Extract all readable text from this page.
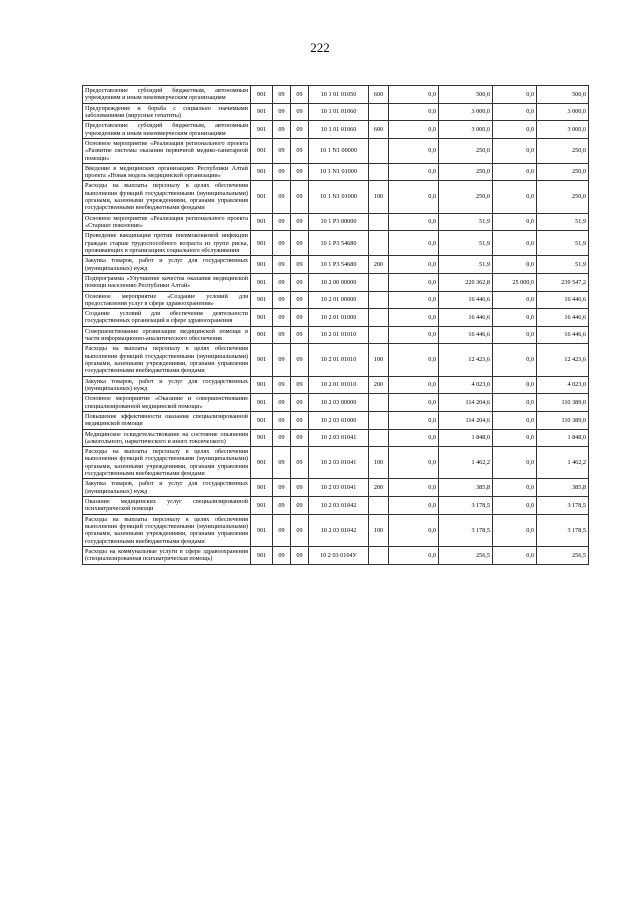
222
Предоставление субсидий бюджетным, автономным учреждениям и иным некоммерческим организациям	901	09	09	10 1 01 01050	600	0,0	500,0	0,0	500,0
Предупреждение и борьба с социально значимыми заболеваниями (вирусные гепатиты)	901	09	09	10 1 01 01060		0,0	3 000,0	0,0	3 000,0
Предоставление субсидий бюджетным, автономным учреждениям и иным некоммерческим организациям	901	09	09	10 1 01 01060	600	0,0	3 000,0	0,0	3 000,0
Основное мероприятие «Реализация регионального проекта «Развитие системы оказания первичной медико-санитарной помощи»	901	09	09	10 1 N1 00000		0,0	250,0	0,0	250,0
Введение в медицинских организациях Республики Алтай проекта «Новая модель медицинской организации»	901	09	09	10 1 N1 01000		0,0	250,0	0,0	250,0
Расходы на выплаты персоналу в целях обеспечения выполнения функций государственными (муниципальными) органами, казенными учреждениями, органами управления государственными внебюджетными фондами	901	09	09	10 1 N1 01000	100	0,0	250,0	0,0	250,0
Основное мероприятие «Реализация регионального проекта «Старшее поколение»	901	09	09	10 1 P3 00000		0,0	51,9	0,0	51,9
Проведение вакцинации против пневмококковой инфекции граждан старше трудоспособного возраста из групп риска, проживающих в организациях социального обслуживания	901	09	09	10 1 P3 54680		0,0	51,9	0,0	51,9
Закупка товаров, работ и услуг для государственных (муниципальных) нужд	901	09	09	10 1 P3 54680	200	0,0	51,9	0,0	51,9
Подпрограмма «Улучшение качества оказания медицинской помощи населению Республики Алтай»	901	09	09	10 2 00 00000		0,0	220 362,8	25 000,0	239 547,2
Основное мероприятие «Создание условий для предоставления услуг в сфере здравоохранения»	901	09	09	10 2 01 00000		0,0	16 446,6	0,0	16 446,6
Создание условий для обеспечения деятельности государственных организаций в сфере здравоохранения	901	09	09	10 2 01 01000		0,0	16 446,6	0,0	16 446,6
Совершенствование организации медицинской помощи в части информационно-аналитического обеспечения	901	09	09	10 2 01 01010		0,0	16 446,6	0,0	16 446,6
Расходы на выплаты персоналу в целях обеспечения выполнения функций государственными (муниципальными) органами, казенными учреждениями, органами управления государственными внебюджетными фондами	901	09	09	10 2 01 01010	100	0,0	12 423,6	0,0	12 423,6
Закупка товаров, работ и услуг для государственных (муниципальных) нужд	901	09	09	10 2 01 01010	200	0,0	4 023,0	0,0	4 023,0
Основное мероприятие «Оказание и совершенствование специализированной медицинской помощи»	901	09	09	10 2 03 00000		0,0	114 204,6	0,0	110 389,0
Повышение эффективности оказания специализированной медицинской помощи	901	09	09	10 2 03 01000		0,0	114 204,6	0,0	110 389,0
Медицинское освидетельствование на состояние опьянения (алкогольного, наркотического и иного токсического)	901	09	09	10 2 03 01041		0,0	1 848,0	0,0	1 848,0
Расходы на выплаты персоналу в целях обеспечения выполнения функций государственными (муниципальными) органами, казенными учреждениями, органами управления государственными внебюджетными фондами	901	09	09	10 2 03 01041	100	0,0	1 462,2	0,0	1 462,2
Закупка товаров, работ и услуг для государственных (муниципальных) нужд	901	09	09	10 2 03 01041	200	0,0	385,8	0,0	385,8
Оказание медицинских услуг специализированной психиатрической помощи	901	09	09	10 2 03 01042		0,0	3 178,5	0,0	3 178,5
Расходы на выплаты персоналу в целях обеспечения выполнения функций государственными (муниципальными) органами, казенными учреждениями, органами управления государственными внебюджетными фондами	901	09	09	10 2 03 01042	100	0,0	3 178,5	0,0	3 178,5
Расходы на коммунальные услуги в сфере здравоохранения (специализированная психиатрическая помощь)	901	09	09	10 2 03 0104У		0,0	256,5	0,0	256,5
